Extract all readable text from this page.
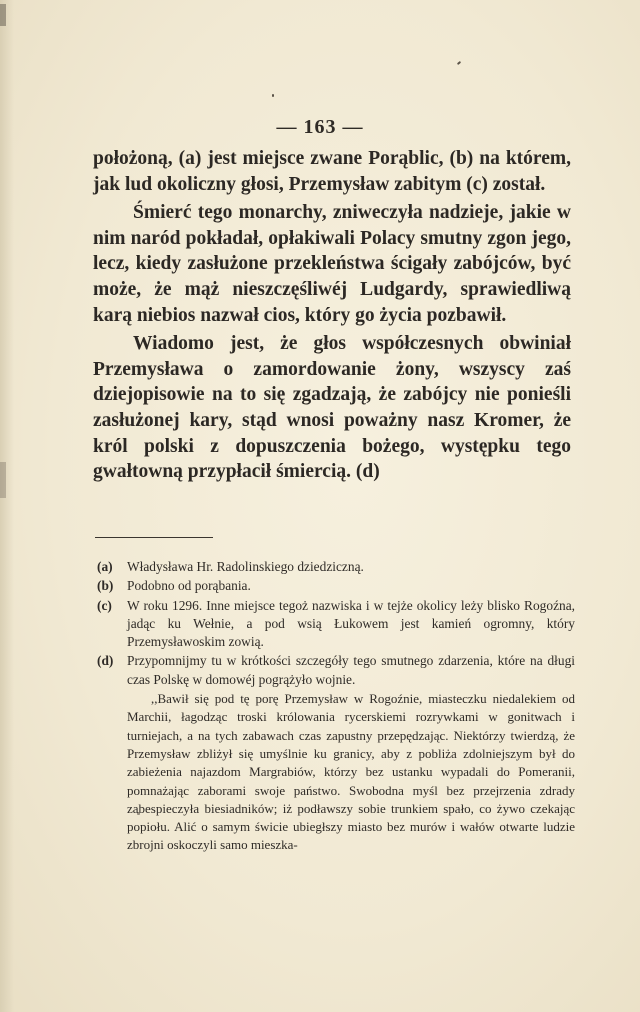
— 163 —

położoną, (a) jest miejsce zwane Porąblic, (b) na którem, jak lud okoliczny głosi, Przemysław zabitym (c) został.

Śmierć tego monarchy, zniweczyła nadzieje, jakie w nim naród pokładał, opłakiwali Polacy smutny zgon jego, lecz, kiedy zasłużone przekleństwa ścigały zabójców, być może, że mąż nieszczęśliwéj Ludgardy, sprawiedliwą karą niebios nazwał cios, który go życia pozbawił.

Wiadomo jest, że głos współczesnych obwiniał Przemysława o zamordowanie żony, wszyscy zaś dziejopisowie na to się zgadzają, że zabójcy nie ponieśli zasłużonej kary, stąd wnosi poważny nasz Kromer, że król polski z dopuszczenia bożego, występku tego gwałtowną przypłacił śmiercią. (d)

(a)	Władysława Hr. Radolinskiego dziedziczną.
(b)	Podobno od porąbania.
(c)	W roku 1296. Inne miejsce tegoż nazwiska i w tejże okolicy leży blisko Rogoźna, jadąc ku Wełnie, a pod wsią Łukowem jest kamień ogromny, który Przemysławoskim zowią.
(d)	Przypomnijmy tu w krótkości szczegóły tego smutnego zdarzenia, które na długi czas Polskę w domowéj pogrążyło wojnie.
,,Bawił się pod tę porę Przemysław w Rogoźnie, miasteczku niedalekiem od Marchii, łagodząc troski królowania rycerskiemi rozrywkami w gonitwach i turniejach, a na tych zabawach czas zapustny przepędzając. Niektórzy twierdzą, że Przemysław zbliżył się umyślnie ku granicy, aby z pobliża zdolniejszym był do zabieżenia najazdom Margrabiów, którzy bez ustanku wypadali do Pomeranii, pomnażając zaborami swoje państwo. Swobodna myśl bez przejrzenia zdrady zabespieczyła biesiadników; iż podławszy sobie trunkiem spało, co żywo czekając popiołu. Alić o samym świcie ubiegłszy miasto bez murów i wałów otwarte ludzie zbrojni oskoczyli samo mieszka-
